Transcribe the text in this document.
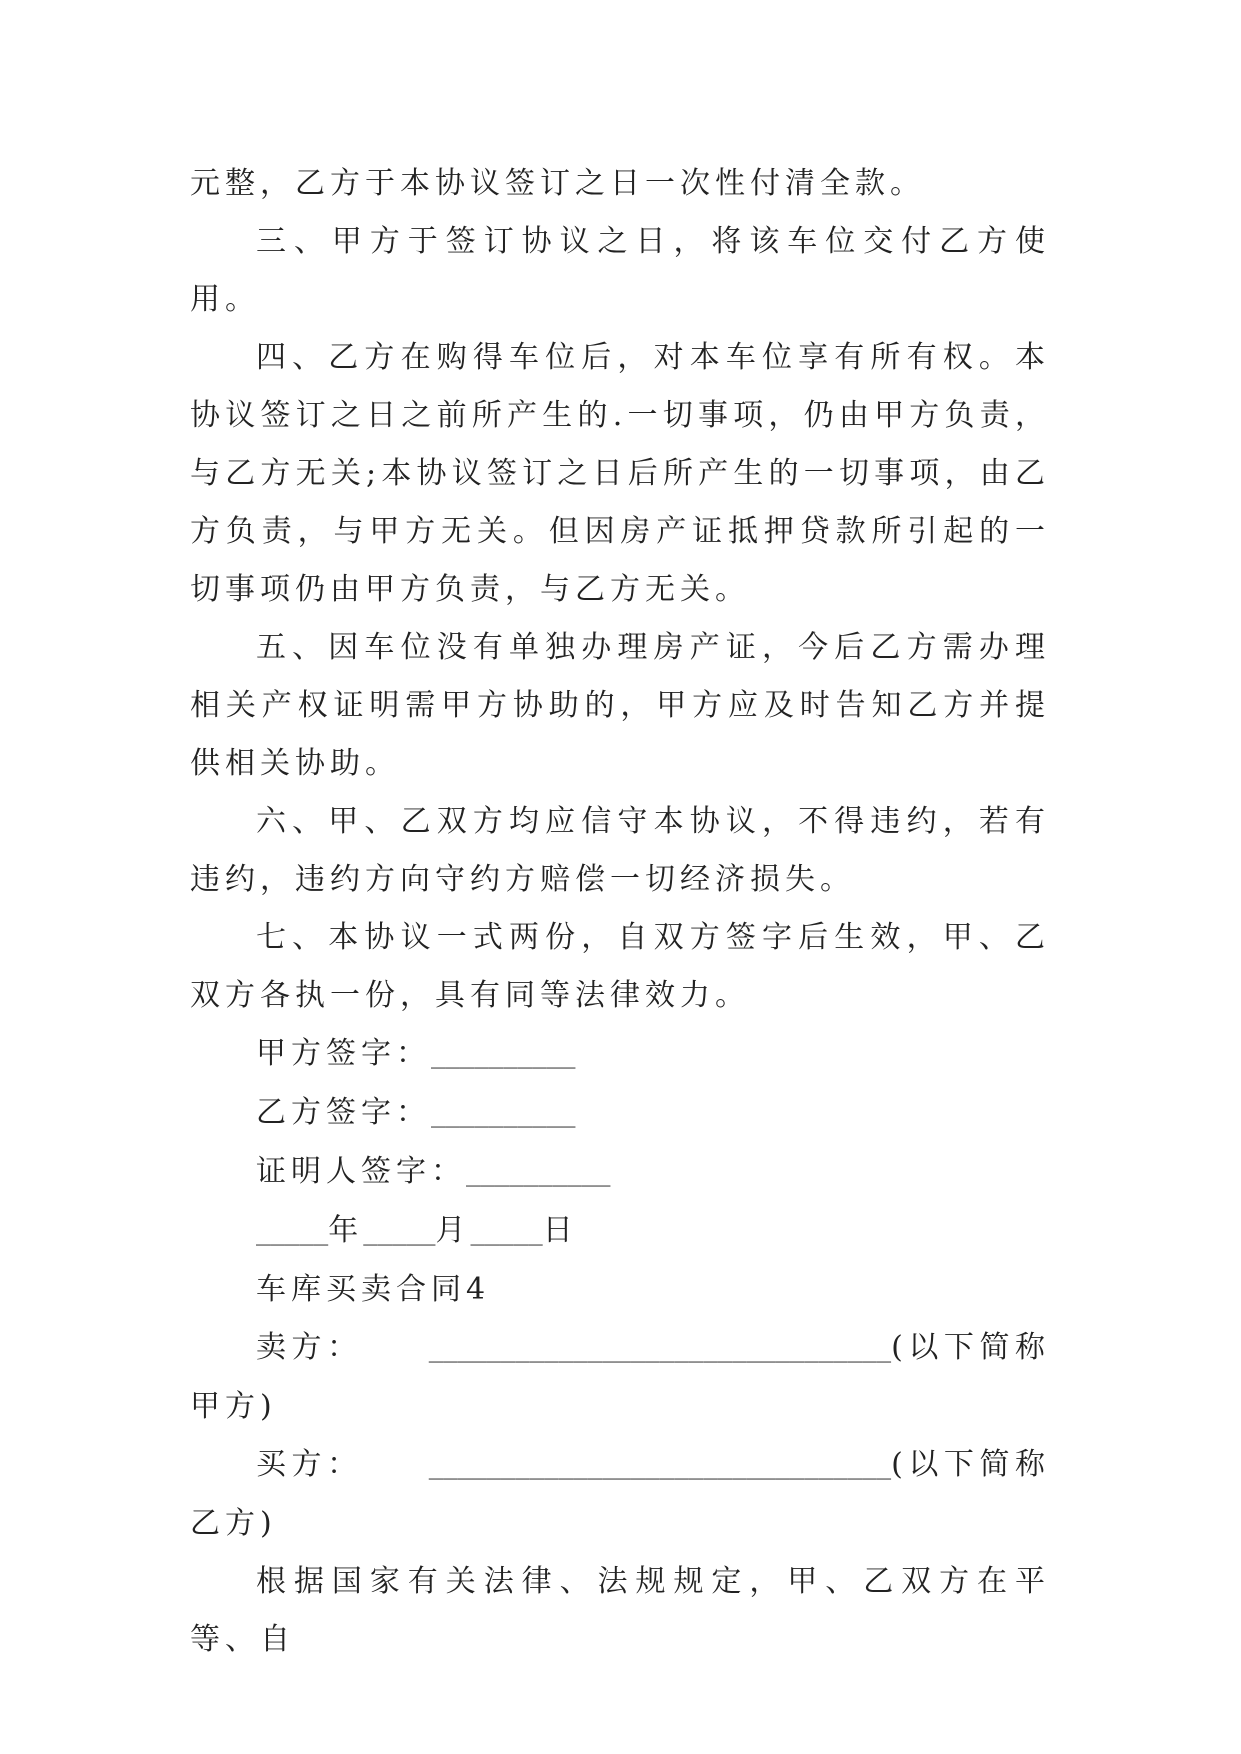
元整，乙方于本协议签订之日一次性付清全款。

三、甲方于签订协议之日，将该车位交付乙方使用。

四、乙方在购得车位后，对本车位享有所有权。本协议签订之日之前所产生的.一切事项，仍由甲方负责，与乙方无关;本协议签订之日后所产生的一切事项，由乙方负责，与甲方无关。但因房产证抵押贷款所引起的一切事项仍由甲方负责，与乙方无关。

五、因车位没有单独办理房产证，今后乙方需办理相关产权证明需甲方协助的，甲方应及时告知乙方并提供相关协助。

六、甲、乙双方均应信守本协议，不得违约，若有违约，违约方向守约方赔偿一切经济损失。

七、本协议一式两份，自双方签字后生效，甲、乙双方各执一份，具有同等法律效力。

甲方签字：__________
乙方签字：__________
证明人签字：__________
_____年_____月_____日
车库买卖合同4

卖方：	________________________________(以下简称甲方)

买方：	________________________________(以下简称乙方)

根据国家有关法律、法规规定，甲、乙双方在平等、自
